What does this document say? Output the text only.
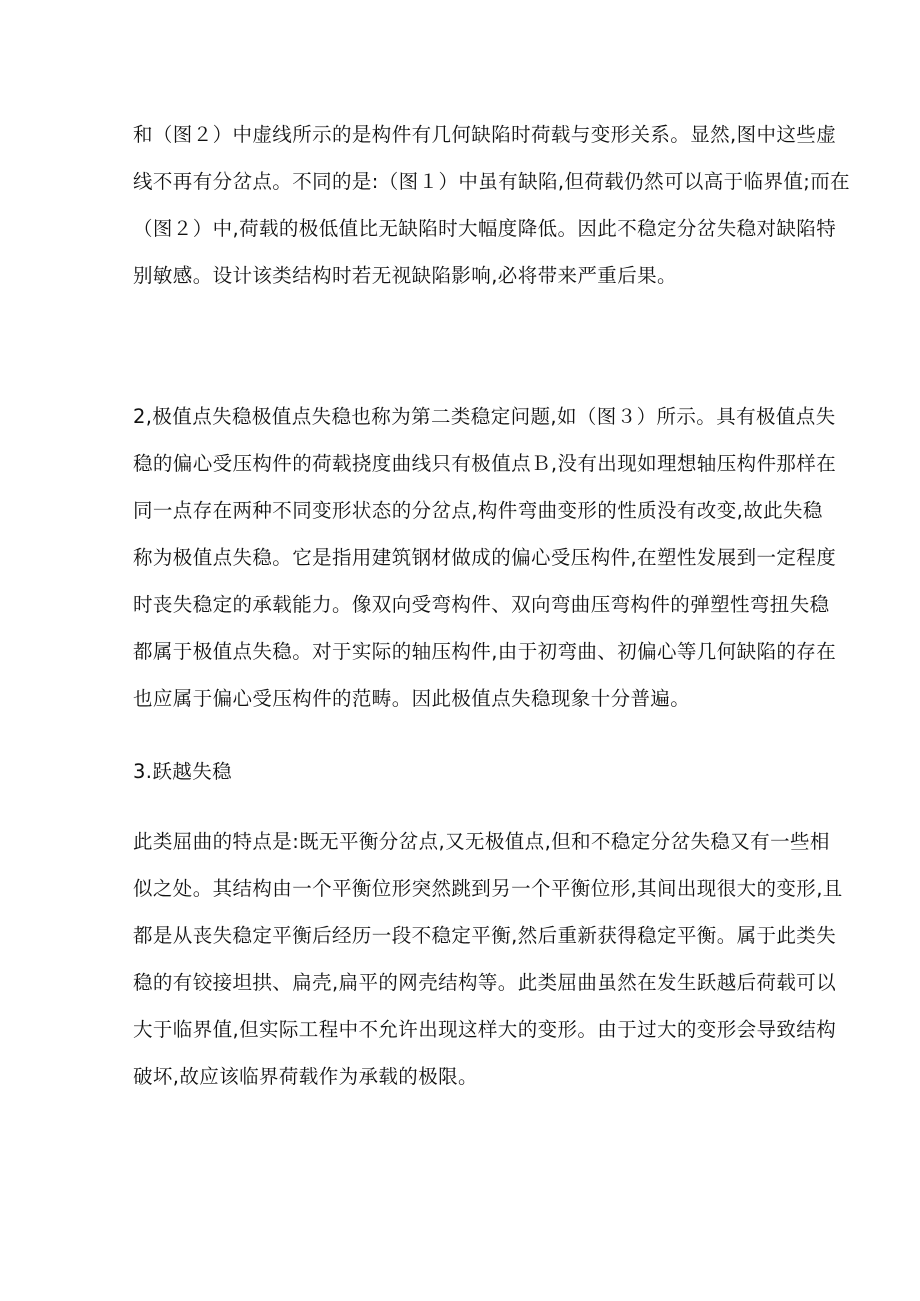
和（图２）中虚线所示的是构件有几何缺陷时荷载与变形关系。显然,图中这些虚
线不再有分岔点。不同的是:（图１）中虽有缺陷,但荷载仍然可以高于临界值;而在
（图２）中,荷载的极低值比无缺陷时大幅度降低。因此不稳定分岔失稳对缺陷特
别敏感。设计该类结构时若无视缺陷影响,必将带来严重后果。
2,极值点失稳极值点失稳也称为第二类稳定问题,如（图３）所示。具有极值点失
稳的偏心受压构件的荷载挠度曲线只有极值点Ｂ,没有出现如理想轴压构件那样在
同一点存在两种不同变形状态的分岔点,构件弯曲变形的性质没有改变,故此失稳
称为极值点失稳。它是指用建筑钢材做成的偏心受压构件,在塑性发展到一定程度
时丧失稳定的承载能力。像双向受弯构件、双向弯曲压弯构件的弹塑性弯扭失稳
都属于极值点失稳。对于实际的轴压构件,由于初弯曲、初偏心等几何缺陷的存在
也应属于偏心受压构件的范畴。因此极值点失稳现象十分普遍。
3.跃越失稳
此类屈曲的特点是:既无平衡分岔点,又无极值点,但和不稳定分岔失稳又有一些相
似之处。其结构由一个平衡位形突然跳到另一个平衡位形,其间出现很大的变形,且
都是从丧失稳定平衡后经历一段不稳定平衡,然后重新获得稳定平衡。属于此类失
稳的有铰接坦拱、扁壳,扁平的网壳结构等。此类屈曲虽然在发生跃越后荷载可以
大于临界值,但实际工程中不允许出现这样大的变形。由于过大的变形会导致结构
破坏,故应该临界荷载作为承载的极限。
